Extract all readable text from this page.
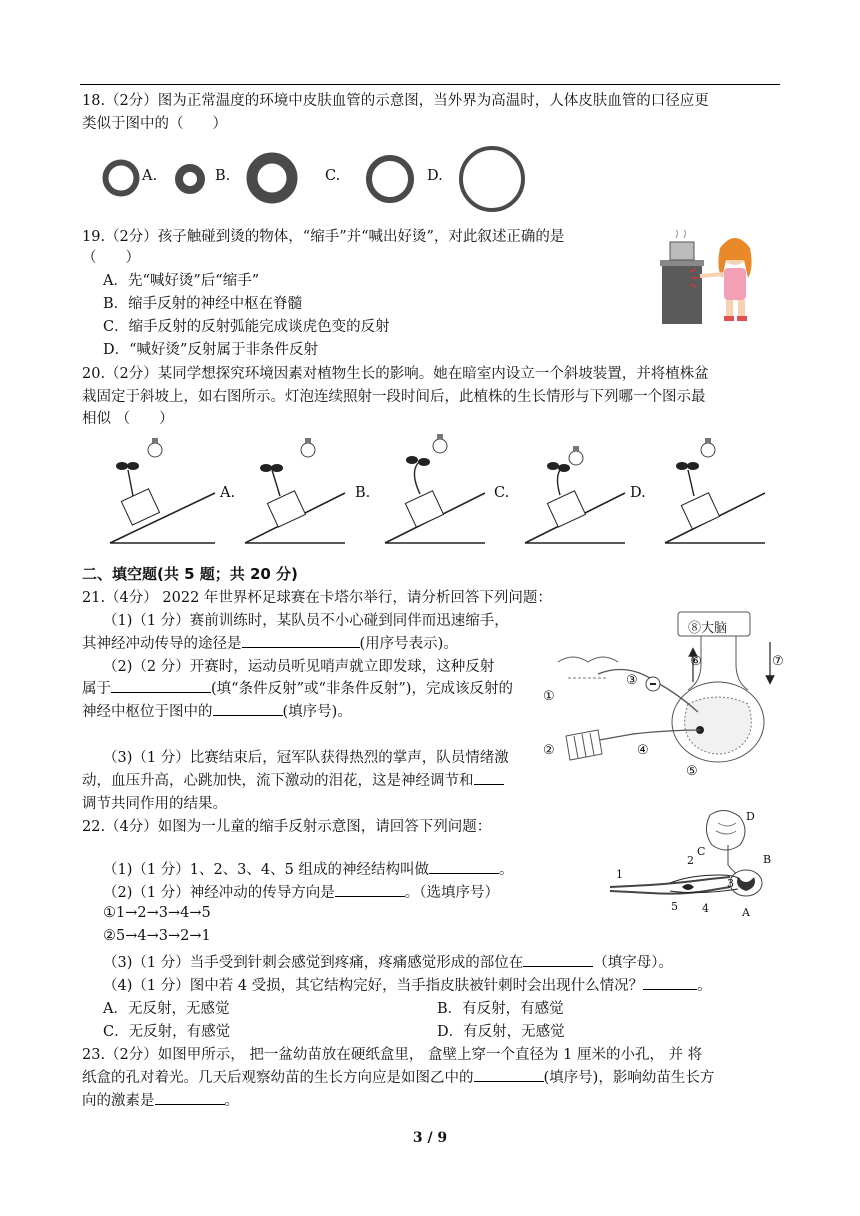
18.（2分）图为正常温度的环境中皮肤血管的示意图，当外界为高温时，人体皮肤血管的口径应更
类似于图中的（　　）
A.	B.	C.	D.
19.（2分）孩子触碰到烫的物体，“缩手”并“喊出好烫”，对此叙述正确的是
（　　）
A．先“喊好烫”后“缩手”
B．缩手反射的神经中枢在脊髓
C．缩手反射的反射弧能完成谈虎色变的反射
D．“喊好烫”反射属于非条件反射
20.（2分）某同学想探究环境因素对植物生长的影响。她在暗室内设立一个斜坡装置，并将植株盆
栽固定于斜坡上，如右图所示。灯泡连续照射一段时间后，此植株的生长情形与下列哪一个图示最
相似 （　　）
A.	B.	C.	D.
二、填空题(共 5 题；共 20 分)
21.（4分） 2022 年世界杯足球赛在卡塔尔举行，请分析回答下列问题：
（1)（1 分）赛前训练时，某队员不小心碰到同伴而迅速缩手，
其神经冲动传导的途径是	(用序号表示)。
（2)（2 分）开赛时，运动员听见哨声就立即发球，这种反射
属于	(填“条件反射”或“非条件反射”)，完成该反射的
神经中枢位于图中的	(填序号)。
（3)（1 分）比赛结束后，冠军队获得热烈的掌声，队员情绪激
动，血压升高，心跳加快，流下激动的泪花，这是神经调节和
调节共同作用的结果。
⑧大脑
①
②
③
④
⑤
⑥	⑦
22.（4分）如图为一儿童的缩手反射示意图，请回答下列问题：
（1)（1 分）1、2、3、4、5 组成的神经结构叫做	。
（2)（1 分）神经冲动的传导方向是	。（选填序号）
①1→2→3→4→5
②5→4→3→2→1
（3)（1 分）当手受到针刺会感觉到疼痛，疼痛感觉形成的部位在	（填字母）。
（4)（1 分）图中若 4 受损，其它结构完好，当手指皮肤被针刺时会出现什么情况？	。
A．无反射，无感觉	B．有反射，有感觉
C．无反射，有感觉	D．有反射，无感觉
1
2
3
4
5	A
B
C
D
23.（2分）如图甲所示， 把一盆幼苗放在硬纸盒里， 盒壁上穿一个直径为 1 厘米的小孔， 并 将
纸盒的孔对着光。几天后观察幼苗的生长方向应是如图乙中的	(填序号)，影响幼苗生长方
向的激素是	。
3 / 9
